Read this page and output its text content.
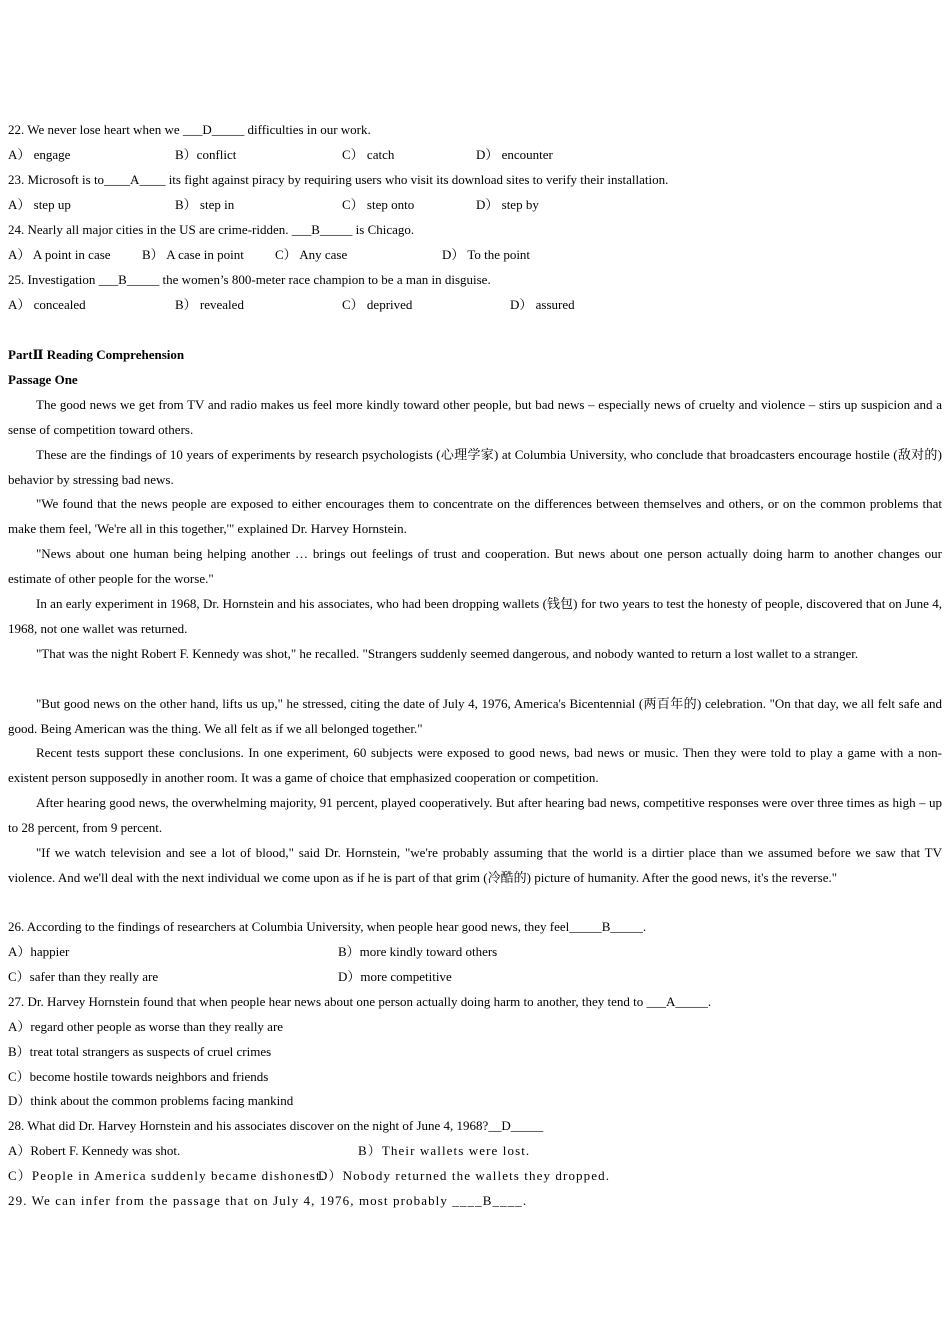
22. We never lose heart when we ___D_____ difficulties in our work.
A） engage	B）conflict	C） catch	D） encounter
23. Microsoft is to____A____ its fight against piracy by requiring users who visit its download sites to verify their installation.
A） step up	B） step in	C） step onto	D） step by
24. Nearly all major cities in the US are crime-ridden. ___B_____ is Chicago.
A） A point in case B） A case in point C） Any case	D） To the point
25. Investigation ___B_____ the women’s 800-meter race champion to be a man in disguise.
A） concealed	B） revealed	C） deprived	D） assured
PartⅡ Reading Comprehension
Passage One
The good news we get from TV and radio makes us feel more kindly toward other people, but bad news – especially news of cruelty and violence – stirs up suspicion and a sense of competition toward others.
These are the findings of 10 years of experiments by research psychologists (心理学家) at Columbia University, who conclude that broadcasters encourage hostile (敌对的) behavior by stressing bad news.
"We found that the news people are exposed to either encourages them to concentrate on the differences between themselves and others, or on the common problems that make them feel, 'We're all in this together,'" explained Dr. Harvey Hornstein.
"News about one human being helping another … brings out feelings of trust and cooperation. But news about one person actually doing harm to another changes our estimate of other people for the worse."
In an early experiment in 1968, Dr. Hornstein and his associates, who had been dropping wallets (钱包) for two years to test the honesty of people, discovered that on June 4, 1968, not one wallet was returned.
"That was the night Robert F. Kennedy was shot," he recalled. "Strangers suddenly seemed dangerous, and nobody wanted to return a lost wallet to a stranger.
"But good news on the other hand, lifts us up," he stressed, citing the date of July 4, 1976, America's Bicentennial (两百年的) celebration. "On that day, we all felt safe and good. Being American was the thing. We all felt as if we all belonged together."
Recent tests support these conclusions. In one experiment, 60 subjects were exposed to good news, bad news or music. Then they were told to play a game with a non-existent person supposedly in another room. It was a game of choice that emphasized cooperation or competition.
After hearing good news, the overwhelming majority, 91 percent, played cooperatively. But after hearing bad news, competitive responses were over three times as high – up to 28 percent, from 9 percent.
"If we watch television and see a lot of blood," said Dr. Hornstein, "we're probably assuming that the world is a dirtier place than we assumed before we saw that TV violence. And we'll deal with the next individual we come upon as if he is part of that grim (冷酷的) picture of humanity. After the good news, it's the reverse."
26. According to the findings of researchers at Columbia University, when people hear good news, they feel_____B_____.
A）happier	B）more kindly toward others
C）safer than they really are	D）more competitive
27. Dr. Harvey Hornstein found that when people hear news about one person actually doing harm to another, they tend to ___A_____.
A）regard other people as worse than they really are
B）treat total strangers as suspects of cruel crimes
C）become hostile towards neighbors and friends
D）think about the common problems facing mankind
28. What did Dr. Harvey Hornstein and his associates discover on the night of June 4, 1968?__D_____
A）Robert F. Kennedy was shot.	B）Their wallets were lost.
C）People in America suddenly became dishonest.
D）Nobody returned the wallets they dropped.
29. We can infer from the passage that on July 4, 1976, most probably ____B____.
